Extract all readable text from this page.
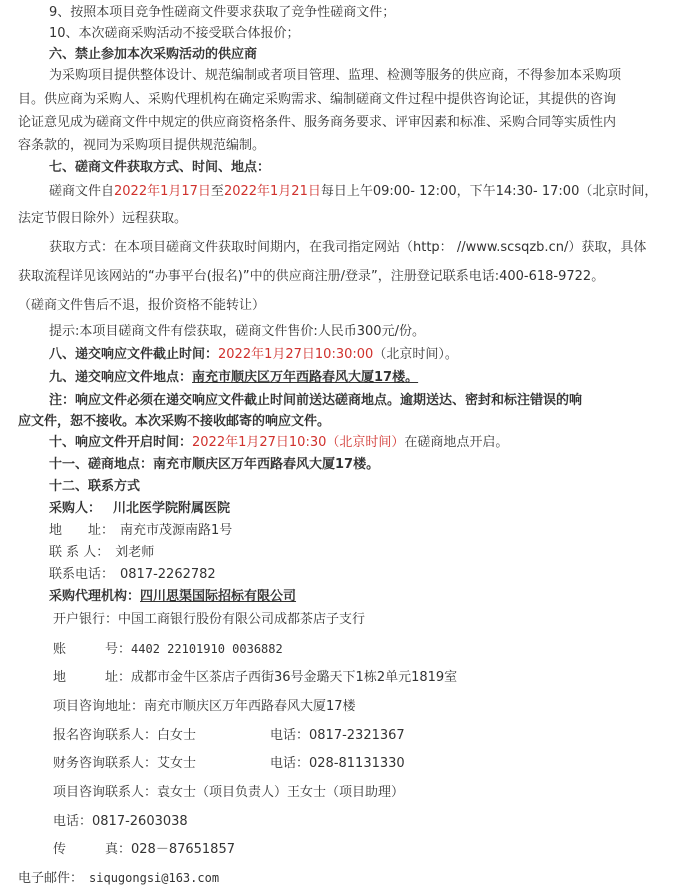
9、按照本项目竞争性磋商文件要求获取了竞争性磋商文件；
10、本次磋商采购活动不接受联合体报价；
六、禁止参加本次采购活动的供应商
为采购项目提供整体设计、规范编制或者项目管理、监理、检测等服务的供应商，不得参加本采购项
目。供应商为采购人、采购代理机构在确定采购需求、编制磋商文件过程中提供咨询论证，其提供的咨询
论证意见成为磋商文件中规定的供应商资格条件、服务商务要求、评审因素和标准、采购合同等实质性内
容条款的，视同为采购项目提供规范编制。
七、磋商文件获取方式、时间、地点：
磋商文件自2022年1月17日至2022年1月21日每日上午09:00- 12:00，下午14:30- 17:00（北京时间，
法定节假日除外）远程获取。
获取方式：在本项目磋商文件获取时间期内，在我司指定网站（http： //www.scsqzb.cn/）获取，具体
获取流程详见该网站的“办事平台(报名)”中的供应商注册/登录”，注册登记联系电话:400-618-9722。
（磋商文件售后不退，报价资格不能转让）
提示:本项目磋商文件有偿获取，磋商文件售价:人民币300元/份。
八、递交响应文件截止时间：2022年1月27日10:30:00（北京时间）。
九、递交响应文件地点：南充市顺庆区万年西路春风大厦17楼。
注：响应文件必须在递交响应文件截止时间前送达磋商地点。逾期送达、密封和标注错误的响
应文件，恕不接收。本次采购不接收邮寄的响应文件。
十、响应文件开启时间：2022年1月27日10:30（北京时间）在磋商地点开启。
十一、磋商地点：南充市顺庆区万年西路春风大厦17楼。
十二、联系方式
采购人： 川北医学院附属医院
地　　址： 南充市茂源南路1号
联 系 人： 刘老师
联系电话： 0817-2262782
采购代理机构：四川思渠国际招标有限公司
开户银行：中国工商银行股份有限公司成都茶店子支行
账　　　号：4402 22101910 0036882
地　　　址：成都市金牛区茶店子西街36号金璐天下1栋2单元1819室
项目咨询地址：南充市顺庆区万年西路春风大厦17楼
报名咨询联系人：白女士	电话：0817-2321367
财务咨询联系人：艾女士	电话：028-81131330
项目咨询联系人：袁女士（项目负责人）王女士（项目助理）
电话：0817-2603038
传　　　真：028－87651857
电子邮件： siqugongsi@163.com
